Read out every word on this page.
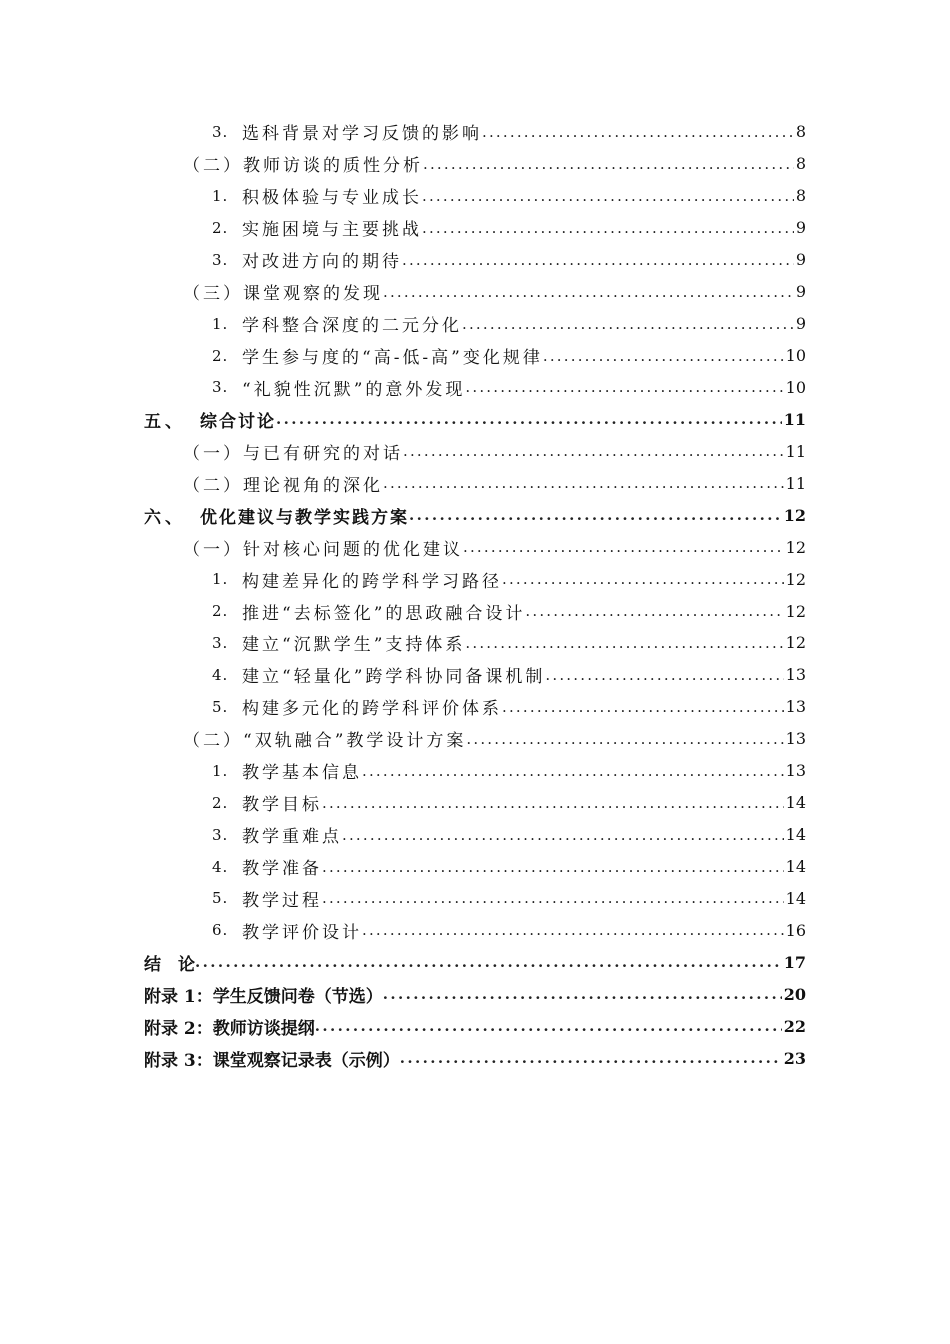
3. 选科背景对学习反馈的影响 .....	8
（二）教师访谈的质性分析 .....	8
1. 积极体验与专业成长 .....	8
2. 实施困境与主要挑战 .....	9
3. 对改进方向的期待 .....	9
（三）课堂观察的发现 .....	9
1. 学科整合深度的二元分化 .....	9
2. 学生参与度的“高-低-高”变化规律 .....	10
3. “礼貌性沉默”的意外发现 .....	10
五、 综合讨论 .....	11
（一）与已有研究的对话 .....	11
（二）理论视角的深化 .....	11
六、 优化建议与教学实践方案 .....	12
（一）针对核心问题的优化建议 .....	12
1. 构建差异化的跨学科学习路径 .....	12
2. 推进“去标签化”的思政融合设计 .....	12
3. 建立“沉默学生”支持体系 .....	12
4. 建立“轻量化”跨学科协同备课机制 .....	13
5. 构建多元化的跨学科评价体系 .....	13
（二）“双轨融合”教学设计方案 .....	13
1. 教学基本信息 .....	13
2. 教学目标 .....	14
3. 教学重难点 .....	14
4. 教学准备 .....	14
5. 教学过程 .....	14
6. 教学评价设计 .....	16
结　论 .....	17
附录 1：学生反馈问卷（节选） .....	20
附录 2：教师访谈提纲 .....	22
附录 3：课堂观察记录表（示例） .....	23
